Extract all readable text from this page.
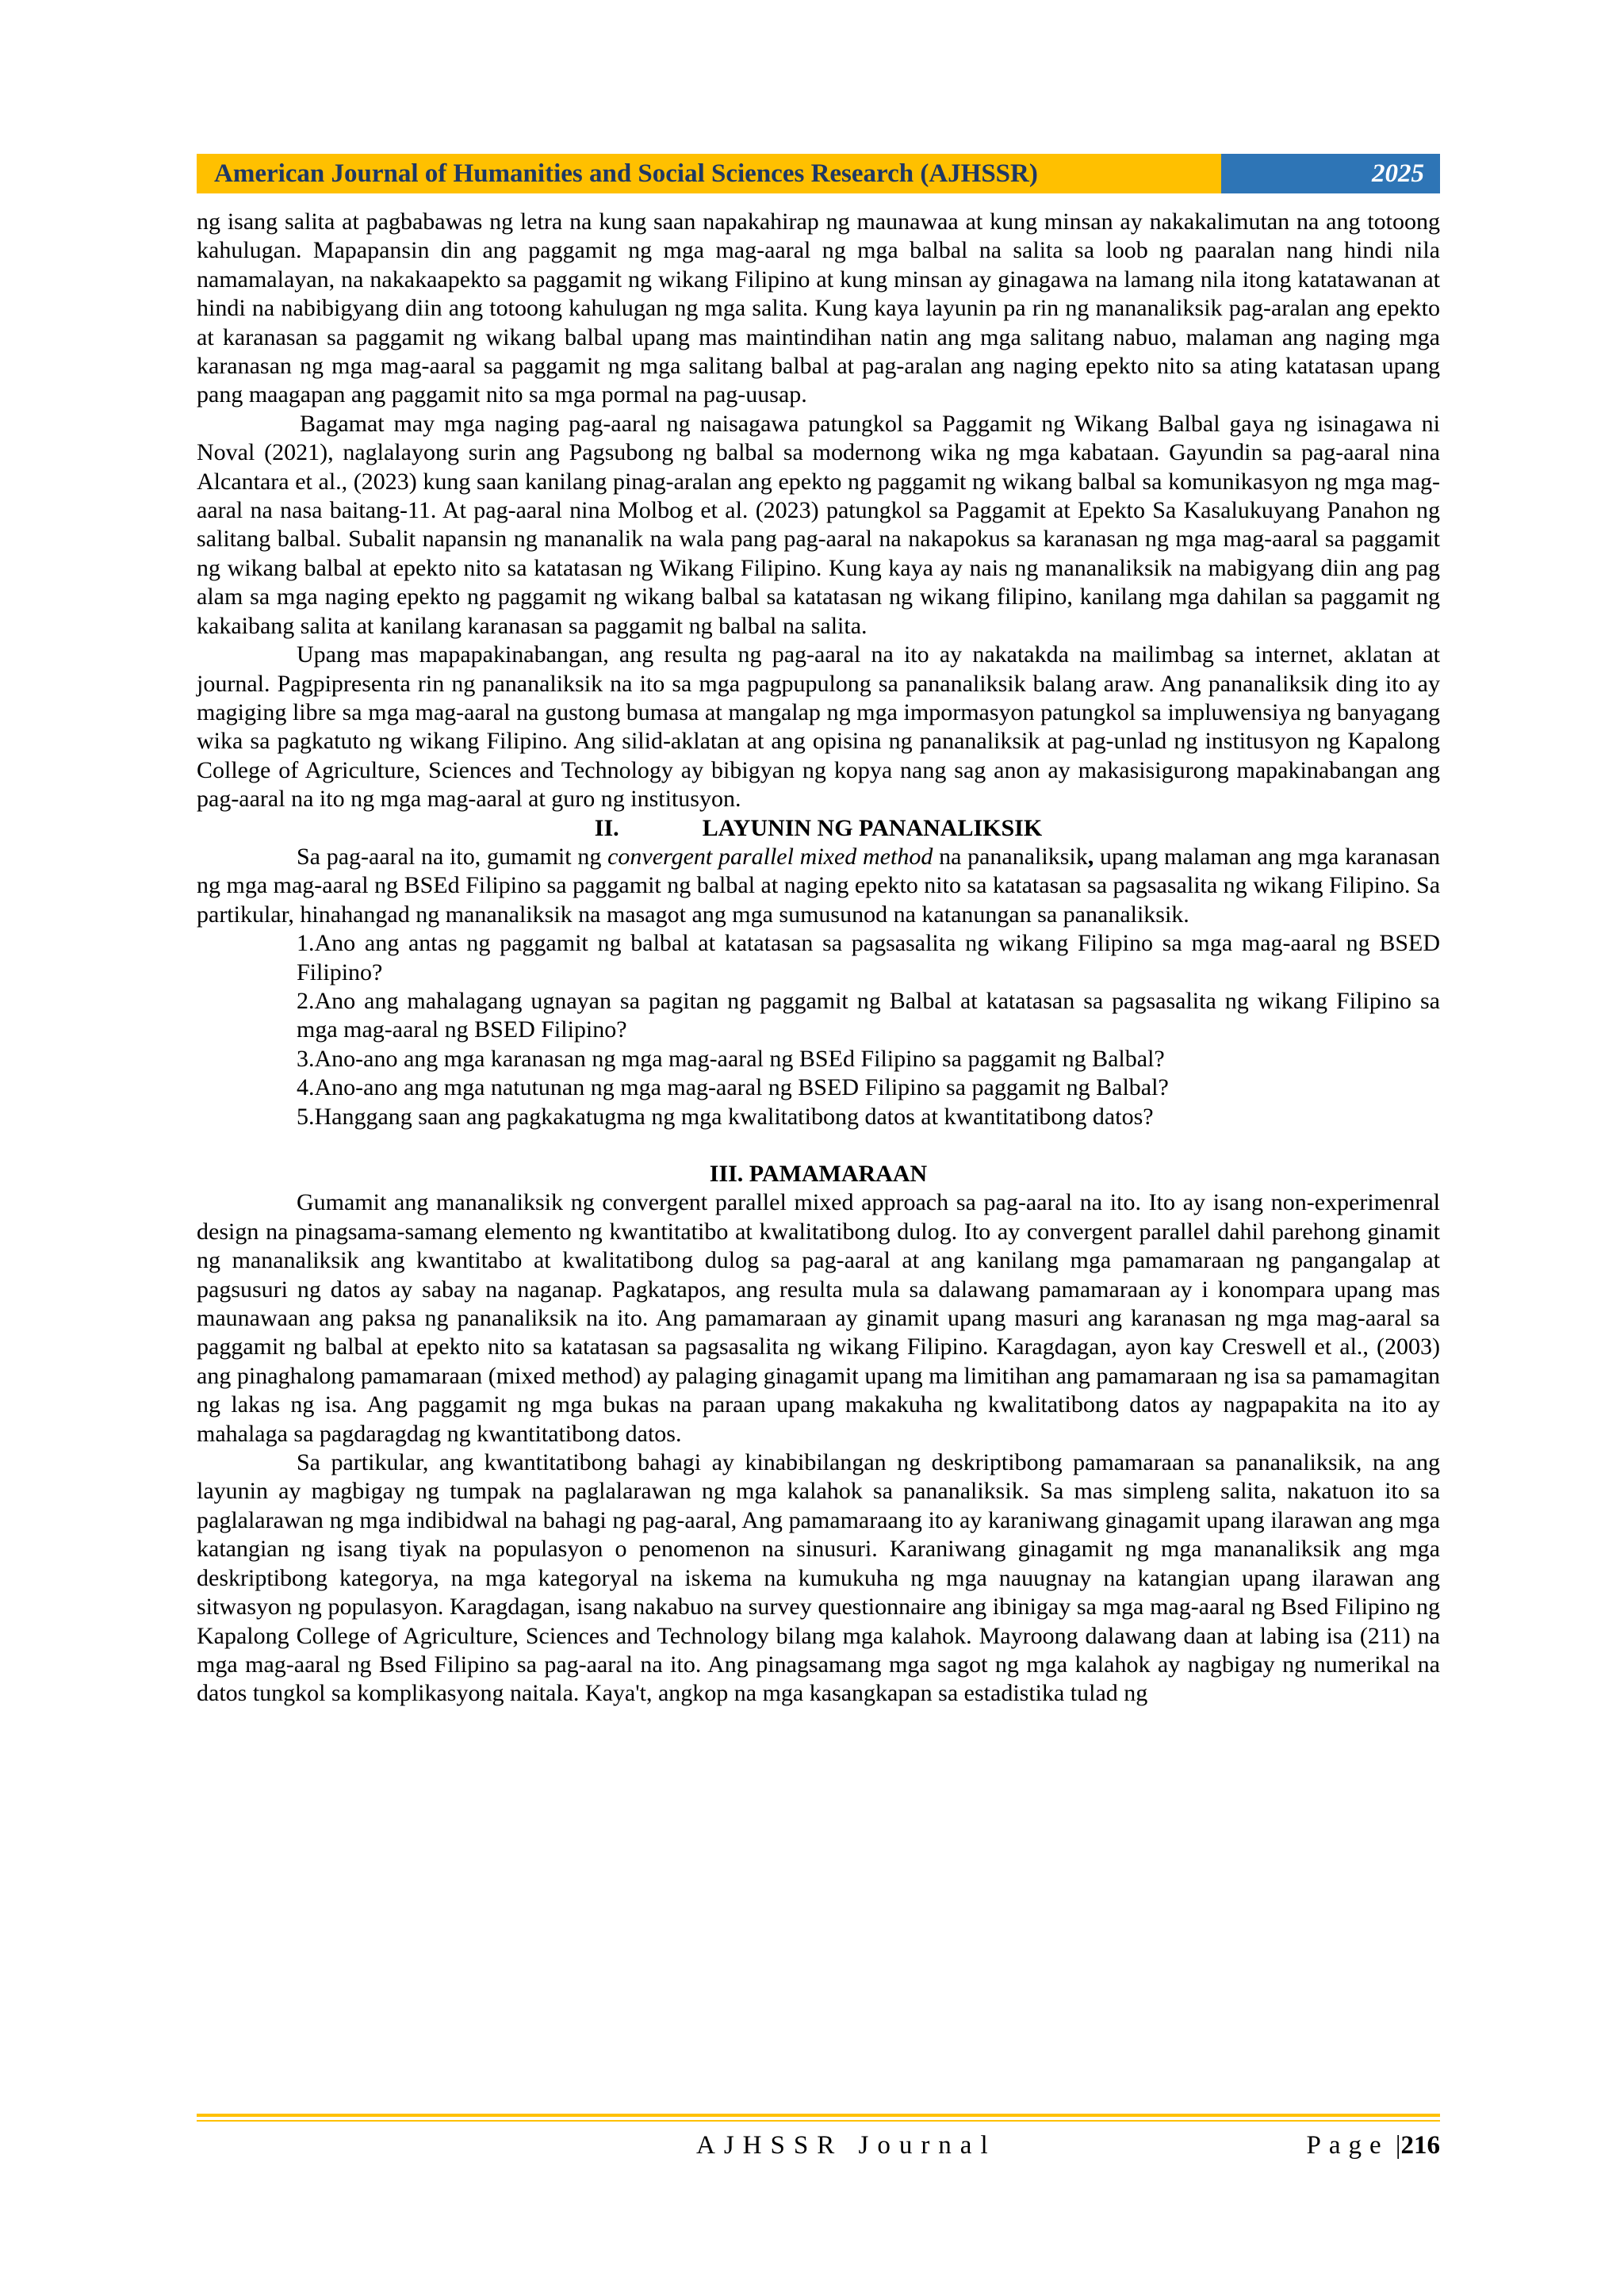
American Journal of Humanities and Social Sciences Research (AJHSSR)	2025

ng isang salita at pagbabawas ng letra na kung saan napakahirap ng maunawaa at kung minsan ay nakakalimutan na ang totoong kahulugan. Mapapansin din ang paggamit ng mga mag-aaral ng mga balbal na salita sa loob ng paaralan nang hindi nila namamalayan, na nakakaapekto sa paggamit ng wikang Filipino at kung minsan ay ginagawa na lamang nila itong katatawanan at hindi na nabibigyang diin ang totoong kahulugan ng mga salita. Kung kaya layunin pa rin ng mananaliksik pag-aralan ang epekto at karanasan sa paggamit ng wikang balbal upang mas maintindihan natin ang mga salitang nabuo, malaman ang naging mga karanasan ng mga mag-aaral sa paggamit ng mga salitang balbal at pag-aralan ang naging epekto nito sa ating katatasan upang pang maagapan ang paggamit nito sa mga pormal na pag-uusap.

Bagamat may mga naging pag-aaral ng naisagawa patungkol sa Paggamit ng Wikang Balbal gaya ng isinagawa ni Noval (2021), naglalayong surin ang Pagsubong ng balbal sa modernong wika ng mga kabataan. Gayundin sa pag-aaral nina Alcantara et al., (2023) kung saan kanilang pinag-aralan ang epekto ng paggamit ng wikang balbal sa komunikasyon ng mga mag-aaral na nasa baitang-11. At pag-aaral nina Molbog et al. (2023) patungkol sa Paggamit at Epekto Sa Kasalukuyang Panahon ng salitang balbal. Subalit napansin ng mananalik na wala pang pag-aaral na nakapokus sa karanasan ng mga mag-aaral sa paggamit ng wikang balbal at epekto nito sa katatasan ng Wikang Filipino. Kung kaya ay nais ng mananaliksik na mabigyang diin ang pag alam sa mga naging epekto ng paggamit ng wikang balbal sa katatasan ng wikang filipino, kanilang mga dahilan sa paggamit ng kakaibang salita at kanilang karanasan sa paggamit ng balbal na salita.

Upang mas mapapakinabangan, ang resulta ng pag-aaral na ito ay nakatakda na mailimbag sa internet, aklatan at journal. Pagpipresenta rin ng pananaliksik na ito sa mga pagpupulong sa pananaliksik balang araw. Ang pananaliksik ding ito ay magiging libre sa mga mag-aaral na gustong bumasa at mangalap ng mga impormasyon patungkol sa impluwensiya ng banyagang wika sa pagkatuto ng wikang Filipino. Ang silid-aklatan at ang opisina ng pananaliksik at pag-unlad ng institusyon ng Kapalong College of Agriculture, Sciences and Technology ay bibigyan ng kopya nang sag anon ay makasisigurong mapakinabangan ang pag-aaral na ito ng mga mag-aaral at guro ng institusyon.

II.	LAYUNIN NG PANANALIKSIK

Sa pag-aaral na ito, gumamit ng convergent parallel mixed method na pananaliksik, upang malaman ang mga karanasan ng mga mag-aaral ng BSEd Filipino sa paggamit ng balbal at naging epekto nito sa katatasan sa pagsasalita ng wikang Filipino. Sa partikular, hinahangad ng mananaliksik na masagot ang mga sumusunod na katanungan sa pananaliksik.

1.Ano ang antas ng paggamit ng balbal at katatasan sa pagsasalita ng wikang Filipino sa mga mag-aaral ng BSED Filipino?

2.Ano ang mahalagang ugnayan sa pagitan ng paggamit ng Balbal at katatasan sa pagsasalita ng wikang Filipino sa mga mag-aaral ng BSED Filipino?

3.Ano-ano ang mga karanasan ng mga mag-aaral ng BSEd Filipino sa paggamit ng Balbal?

4.Ano-ano ang mga natutunan ng mga mag-aaral ng BSED Filipino sa paggamit ng Balbal?

5.Hanggang saan ang pagkakatugma ng mga kwalitatibong datos at kwantitatibong datos?

III. PAMAMARAAN

Gumamit ang mananaliksik ng convergent parallel mixed approach sa pag-aaral na ito. Ito ay isang non-experimenral design na pinagsama-samang elemento ng kwantitatibo at kwalitatibong dulog. Ito ay convergent parallel dahil parehong ginamit ng mananaliksik ang kwantitabo at kwalitatibong dulog sa pag-aaral at ang kanilang mga pamamaraan ng pangangalap at pagsusuri ng datos ay sabay na naganap. Pagkatapos, ang resulta mula sa dalawang pamamaraan ay i konompara upang mas maunawaan ang paksa ng pananaliksik na ito. Ang pamamaraan ay ginamit upang masuri ang karanasan ng mga mag-aaral sa paggamit ng balbal at epekto nito sa katatasan sa pagsasalita ng wikang Filipino. Karagdagan, ayon kay Creswell et al., (2003) ang pinaghalong pamamaraan (mixed method) ay palaging ginagamit upang ma limitihan ang pamamaraan ng isa sa pamamagitan ng lakas ng isa. Ang paggamit ng mga bukas na paraan upang makakuha ng kwalitatibong datos ay nagpapakita na ito ay mahalaga sa pagdaragdag ng kwantitatibong datos.

Sa partikular, ang kwantitatibong bahagi ay kinabibilangan ng deskriptibong pamamaraan sa pananaliksik, na ang layunin ay magbigay ng tumpak na paglalarawan ng mga kalahok sa pananaliksik. Sa mas simpleng salita, nakatuon ito sa paglalarawan ng mga indibidwal na bahagi ng pag-aaral, Ang pamamaraang ito ay karaniwang ginagamit upang ilarawan ang mga katangian ng isang tiyak na populasyon o penomenon na sinusuri. Karaniwang ginagamit ng mga mananaliksik ang mga deskriptibong kategorya, na mga kategoryal na iskema na kumukuha ng mga nauugnay na katangian upang ilarawan ang sitwasyon ng populasyon. Karagdagan, isang nakabuo na survey questionnaire ang ibinigay sa mga mag-aaral ng Bsed Filipino ng Kapalong College of Agriculture, Sciences and Technology bilang mga kalahok. Mayroong dalawang daan at labing isa (211) na mga mag-aaral ng Bsed Filipino sa pag-aaral na ito. Ang pinagsamang mga sagot ng mga kalahok ay nagbigay ng numerikal na datos tungkol sa komplikasyong naitala. Kaya't, angkop na mga kasangkapan sa estadistika tulad ng

AJHSSR Journal	Page |216
